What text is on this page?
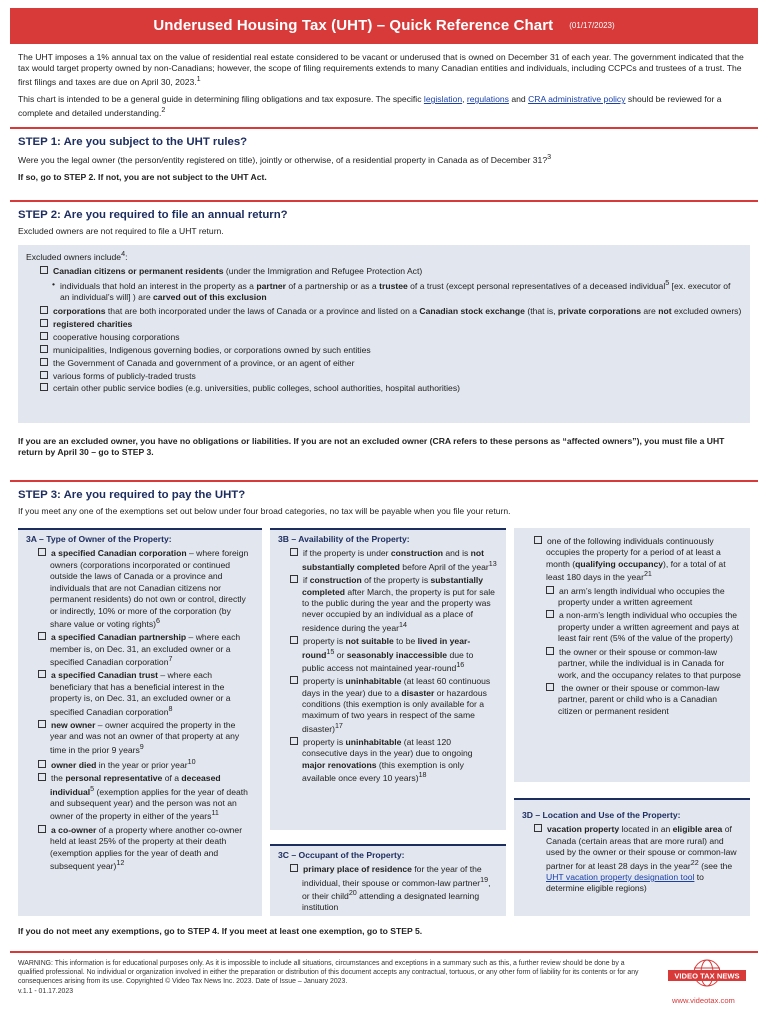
Underused Housing Tax (UHT) – Quick Reference Chart (01/17/2023)

The UHT imposes a 1% annual tax on the value of residential real estate considered to be vacant or underused that is owned on December 31 of each year. The government indicated that the tax would target property owned by non-Canadians; however, the scope of filing requirements extends to many Canadian entities and individuals, including CCPCs and trustees of a trust. The first filings and taxes are due on April 30, 2023.$^1$

This chart is intended to be a general guide in determining filing obligations and tax exposure. The specific legislation, regulations and CRA administrative policy should be reviewed for a complete and detailed understanding.$^2$

STEP 1: Are you subject to the UHT rules?
Were you the legal owner (the person/entity registered on title), jointly or otherwise, of a residential property in Canada as of December 31?$^3$
If so, go to STEP 2. If not, you are not subject to the UHT Act.
STEP 2: Are you required to file an annual return?
Excluded owners are not required to file a UHT return.
Excluded owners include$^4$:
Canadian citizens or permanent residents (under the Immigration and Refugee Protection Act)
• individuals that hold an interest in the property as a partner of a partnership or as a trustee of a trust (except personal representatives of a deceased individual$^5$ [ex. executor of an individual’s will] ) are carved out of this exclusion
corporations that are both incorporated under the laws of Canada or a province and listed on a Canadian stock exchange (that is, private corporations are not excluded owners)
registered charities
cooperative housing corporations
municipalities, Indigenous governing bodies, or corporations owned by such entities
the Government of Canada and government of a province, or an agent of either
various forms of publicly-traded trusts
certain other public service bodies (e.g. universities, public colleges, school authorities, hospital authorities)
If you are an excluded owner, you have no obligations or liabilities. If you are not an excluded owner (CRA refers to these persons as “affected owners”), you must file a UHT return by April 30 – go to STEP 3.
STEP 3: Are you required to pay the UHT?
If you meet any one of the exemptions set out below under four broad categories, no tax will be payable when you file your return.
3A – Type of Owner of the Property:
a specified Canadian corporation – where foreign owners (corporations incorporated or continued outside the laws of Canada or a province and individuals that are not Canadian citizens nor permanent residents) do not own or control, directly or indirectly, 10% or more of the corporation (by share value or voting rights)$^6$
a specified Canadian partnership – where each member is, on Dec. 31, an excluded owner or a specified Canadian corporation$^7$
a specified Canadian trust – where each beneficiary that has a beneficial interest in the property is, on Dec. 31, an excluded owner or a specified Canadian corporation$^8$
new owner – owner acquired the property in the year and was not an owner of that property at any time in the prior 9 years$^9$
owner died in the year or prior year$^{10}$
the personal representative of a deceased individual$^5$ (exemption applies for the year of death and subsequent year) and the person was not an owner of the property in either of the years$^{11}$
a co-owner of a property where another co-owner held at least 25% of the property at their death (exemption applies for the year of death and subsequent year)$^{12}$
3B – Availability of the Property:
if the property is under construction and is not substantially completed before April of the year$^{13}$
if construction of the property is substantially completed after March, the property is put for sale to the public during the year and the property was never occupied by an individual as a place of residence during the year$^{14}$
property is not suitable to be lived in year-round$^{15}$ or seasonably inaccessible due to public access not maintained year-round$^{16}$
property is uninhabitable (at least 60 continuous days in the year) due to a disaster or hazardous conditions (this exemption is only available for a maximum of two years in respect of the same disaster)$^{17}$
property is uninhabitable (at least 120 consecutive days in the year) due to ongoing major renovations (this exemption is only available once every 10 years)$^{18}$
3C – Occupant of the Property:
primary place of residence for the year of the individual, their spouse or common-law partner$^{19}$, or their child$^{20}$ attending a designated learning institution
one of the following individuals continuously occupies the property for a period of at least a month (qualifying occupancy), for a total of at least 180 days in the year$^{21}$
an arm’s length individual who occupies the property under a written agreement
a non-arm’s length individual who occupies the property under a written agreement and pays at least fair rent (5% of the value of the property)
the owner or their spouse or common-law partner, while the individual is in Canada for work, and the occupancy relates to that purpose
the owner or their spouse or common-law partner, parent or child who is a Canadian citizen or permanent resident
3D – Location and Use of the Property:
vacation property located in an eligible area of Canada (certain areas that are more rural) and used by the owner or their spouse or common-law partner for at least 28 days in the year$^{22}$ (see the UHT vacation property designation tool to determine eligible regions)
If you do not meet any exemptions, go to STEP 4. If you meet at least one exemption, go to STEP 5.
WARNING: This information is for educational purposes only. As it is impossible to include all situations, circumstances and exceptions in a summary such as this, a further review should be done by a qualified professional. No individual or organization involved in either the preparation or distribution of this document accepts any contractual, tortuous, or any other form of liability for its contents or for any consequences arising from its use. Copyrighted © Video Tax News Inc. 2023. Date of Issue – January 2023.
v.1.1 - 01.17.2023
VIDEO TAX NEWS
www.videotax.com
